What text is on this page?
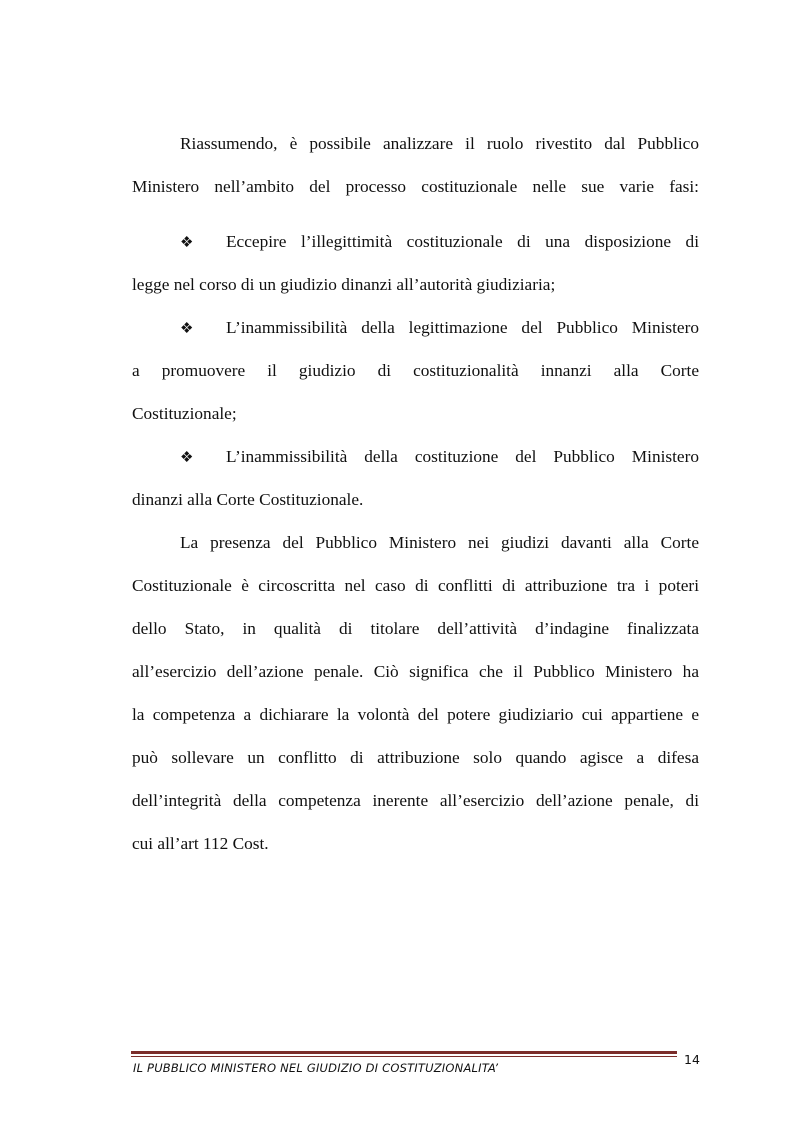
Riassumendo, è possibile analizzare il ruolo rivestito dal Pubblico
Ministero nell’ambito del processo costituzionale nelle sue varie fasi:
❖	Eccepire l’illegittimità costituzionale di una disposizione di
legge nel corso di un giudizio dinanzi all’autorità giudiziaria;
❖	L’inammissibilità della legittimazione del Pubblico Ministero
a promuovere il giudizio di costituzionalità innanzi alla Corte
Costituzionale;
❖	L’inammissibilità della costituzione del Pubblico Ministero
dinanzi alla Corte Costituzionale.
La presenza del Pubblico Ministero nei giudizi davanti alla Corte
Costituzionale è circoscritta nel caso di conflitti di attribuzione tra i poteri
dello Stato, in qualità di titolare dell’attività d’indagine finalizzata
all’esercizio dell’azione penale. Ciò significa che il Pubblico Ministero ha
la competenza a dichiarare la volontà del potere giudiziario cui appartiene e
può sollevare un conflitto di attribuzione solo quando agisce a difesa
dell’integrità della competenza inerente all’esercizio dell’azione penale, di
cui all’art 112 Cost.
IL PUBBLICO MINISTERO NEL GIUDIZIO DI COSTITUZIONALITA’
14
